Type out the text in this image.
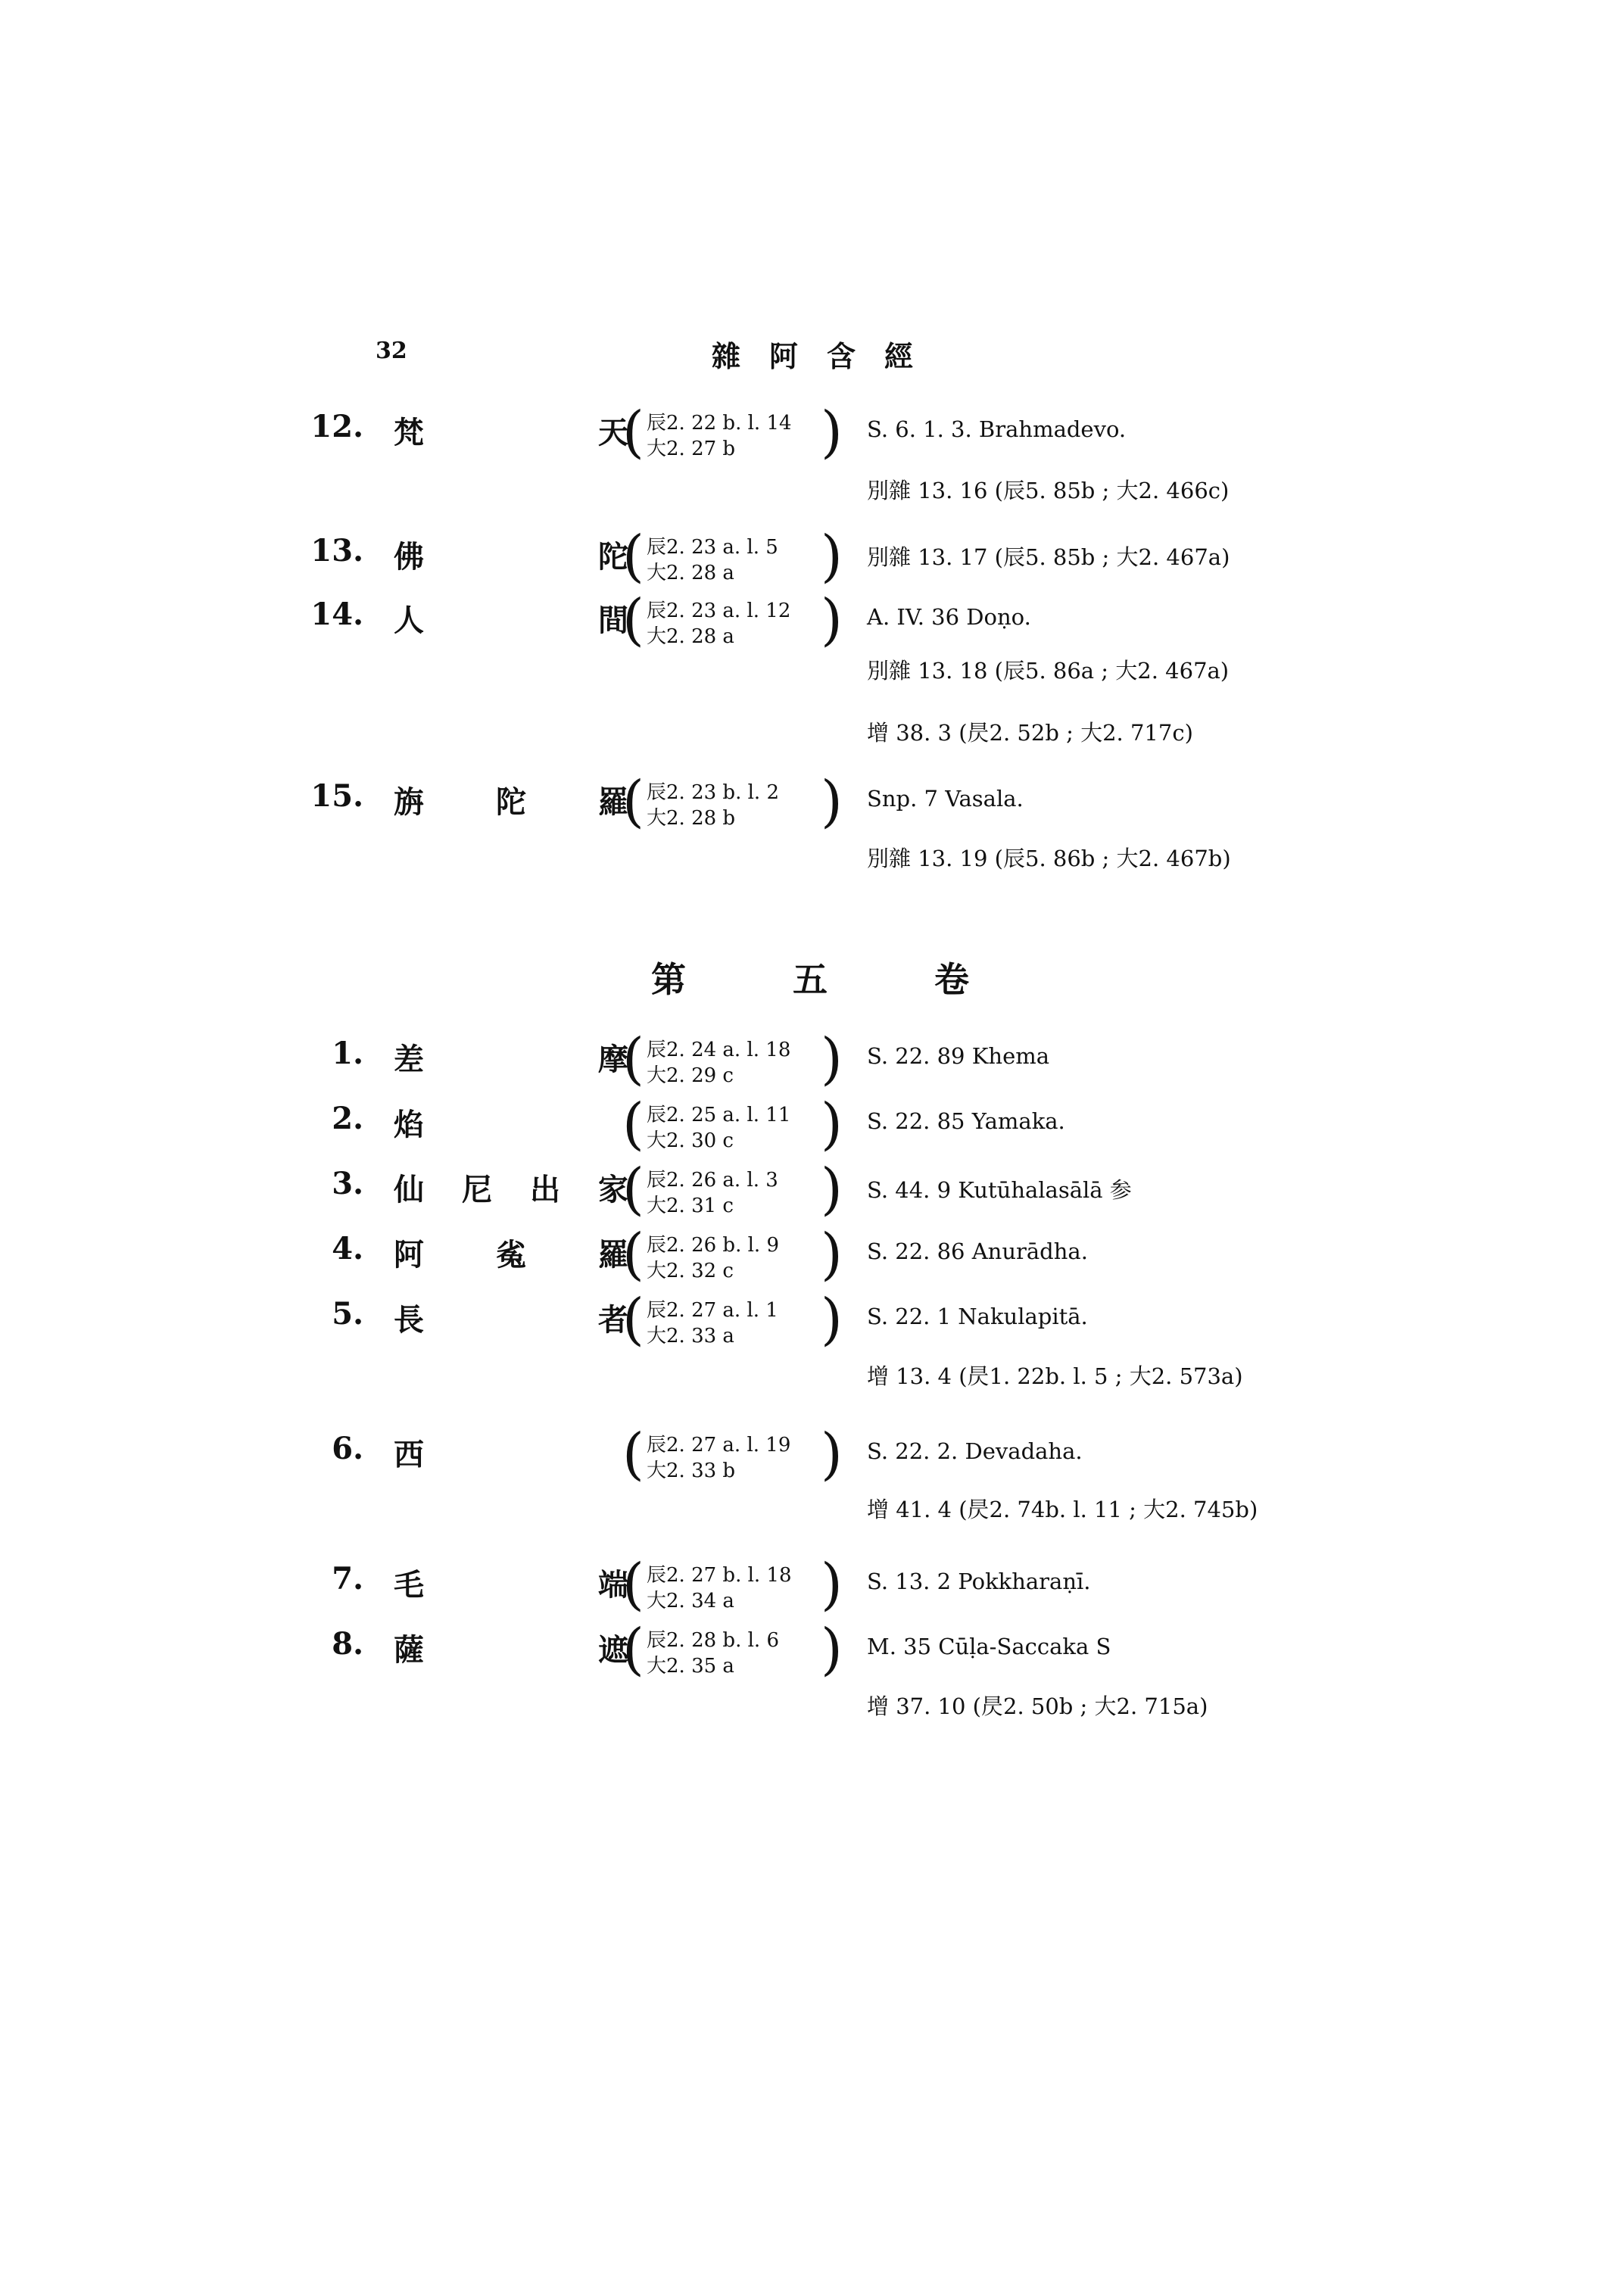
32	雜阿含經
第	五	卷
12. 梵	天
( 辰2. 22 b. l. 14
大2. 27 b ) S. 6. 1. 3. Brahmadevo.
別雜 13. 16 (辰5. 85b ; 大2. 466c)
13. 佛	陀
( 辰2. 23 a. l. 5
大2. 28 a ) 別雜 13. 17 (辰5. 85b ; 大2. 467a)
14. 人	間
( 辰2. 23 a. l. 12
大2. 28 a ) A. IV. 36 Doṇo.
別雜 13. 18 (辰5. 86a ; 大2. 467a)
增 38. 3 (昃2. 52b ; 大2. 717c)
15. 旃 陀 羅
( 辰2. 23 b. l. 2
大2. 28 b ) Snp. 7 Vasala.
別雜 13. 19 (辰5. 86b ; 大2. 467b)
1. 差	摩
( 辰2. 24 a. l. 18
大2. 29 c ) S. 22. 89 Khema
2. 焰	( 辰2. 25 a. l. 11
大2. 30 c ) S. 22. 85 Yamaka.
3. 仙 尼 出 家
( 辰2. 26 a. l. 3
大2. 31 c ) S. 44. 9 Kutūhalasālā 参
4. 阿 㝹 羅
( 辰2. 26 b. l. 9
大2. 32 c ) S. 22. 86 Anurādha.
5. 長	者
( 辰2. 27 a. l. 1
大2. 33 a ) S. 22. 1 Nakulapitā.
增 13. 4 (昃1. 22b. l. 5 ; 大2. 573a)
6. 西	( 辰2. 27 a. l. 19
大2. 33 b ) S. 22. 2. Devadaha.
增 41. 4 (昃2. 74b. l. 11 ; 大2. 745b)
7. 毛	端
( 辰2. 27 b. l. 18
大2. 34 a ) S. 13. 2 Pokkharaṇī.
8. 薩	遮
( 辰2. 28 b. l. 6
大2. 35 a ) M. 35 Cūḷa-Saccaka S
增 37. 10 (昃2. 50b ; 大2. 715a)
